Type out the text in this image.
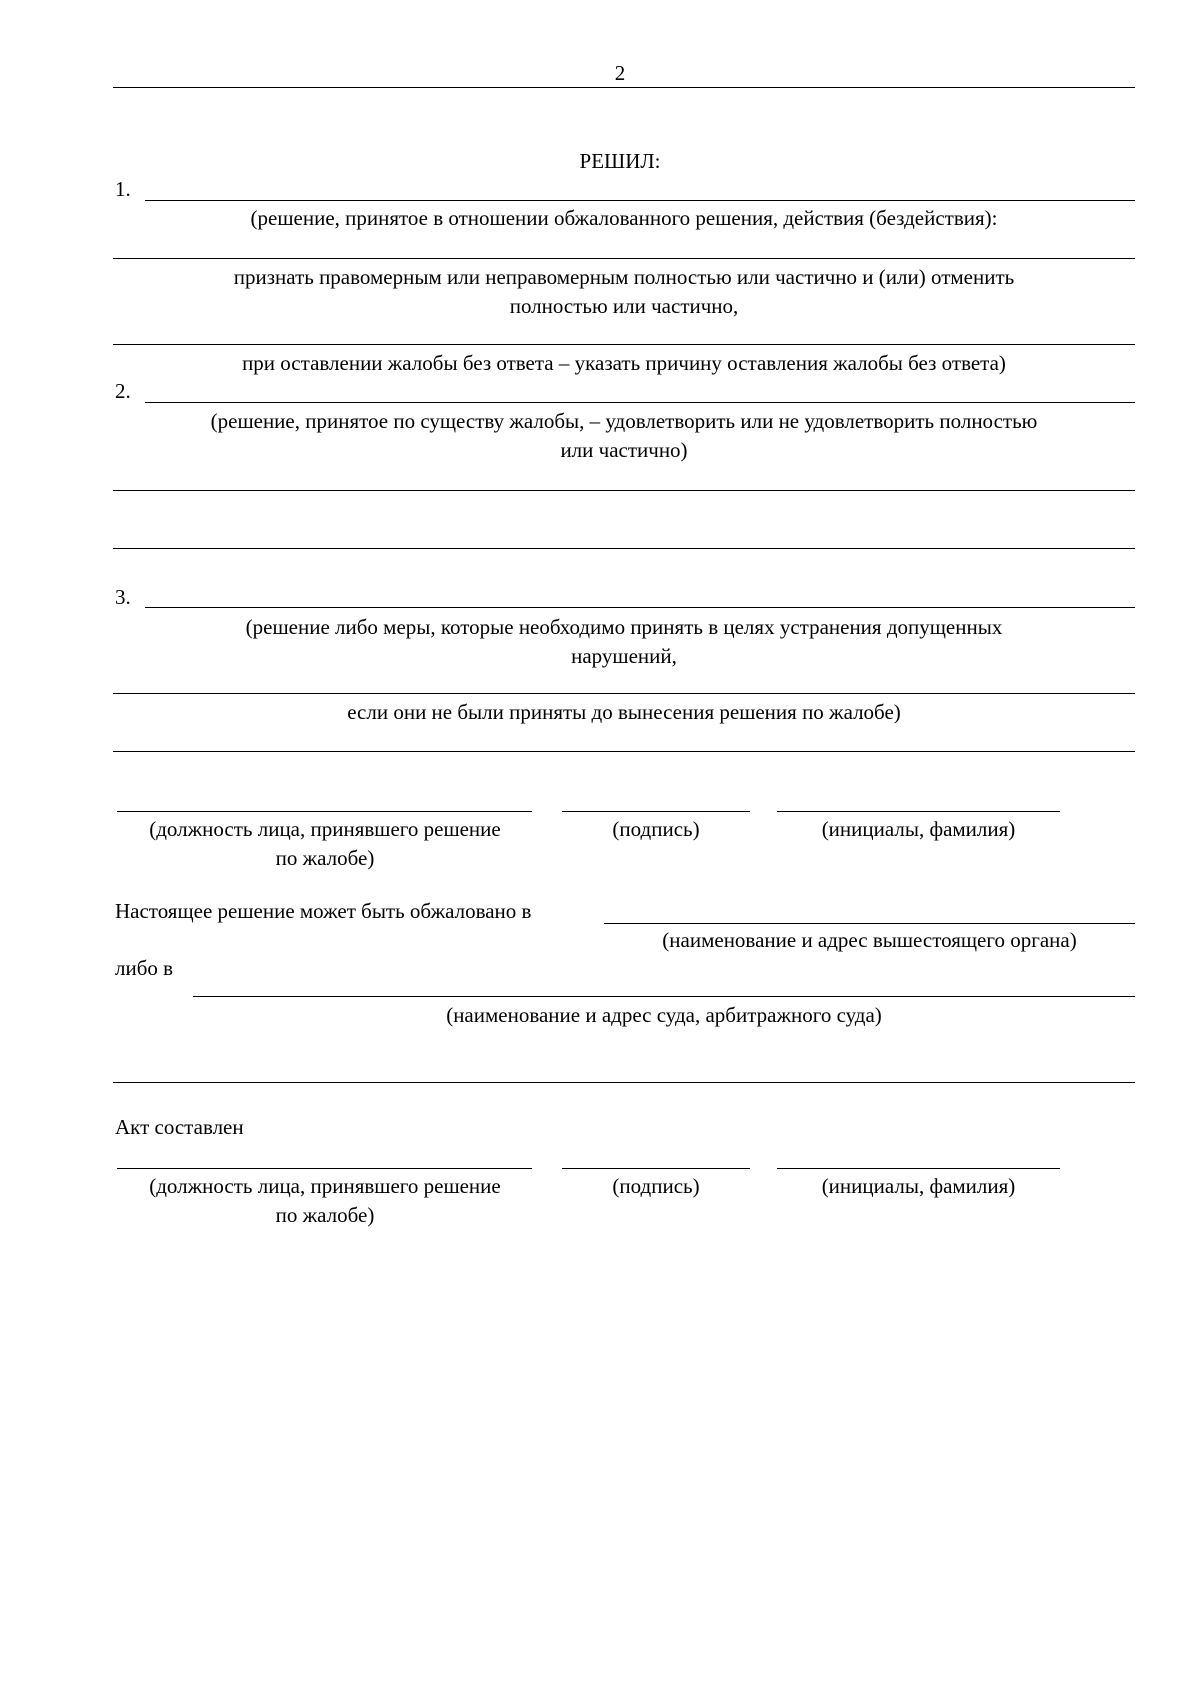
2
РЕШИЛ:
1.
(решение, принятое в отношении обжалованного решения, действия (бездействия):
признать правомерным или неправомерным полностью или частично и (или) отменить
полностью или частично,
при оставлении жалобы без ответа – указать причину оставления жалобы без ответа)
2.
(решение, принятое по существу жалобы, – удовлетворить или не удовлетворить полностью
или частично)
3.
(решение либо меры, которые необходимо принять в целях устранения допущенных
нарушений,
если они не были приняты до вынесения решения по жалобе)
(должность лица, принявшего решение
по жалобе)
(подпись)	(инициалы, фамилия)
Настоящее решение может быть обжаловано в
(наименование и адрес вышестоящего органа)
либо в
(наименование и адрес суда, арбитражного суда)
Акт составлен
(должность лица, принявшего решение
по жалобе)
(подпись)	(инициалы, фамилия)
